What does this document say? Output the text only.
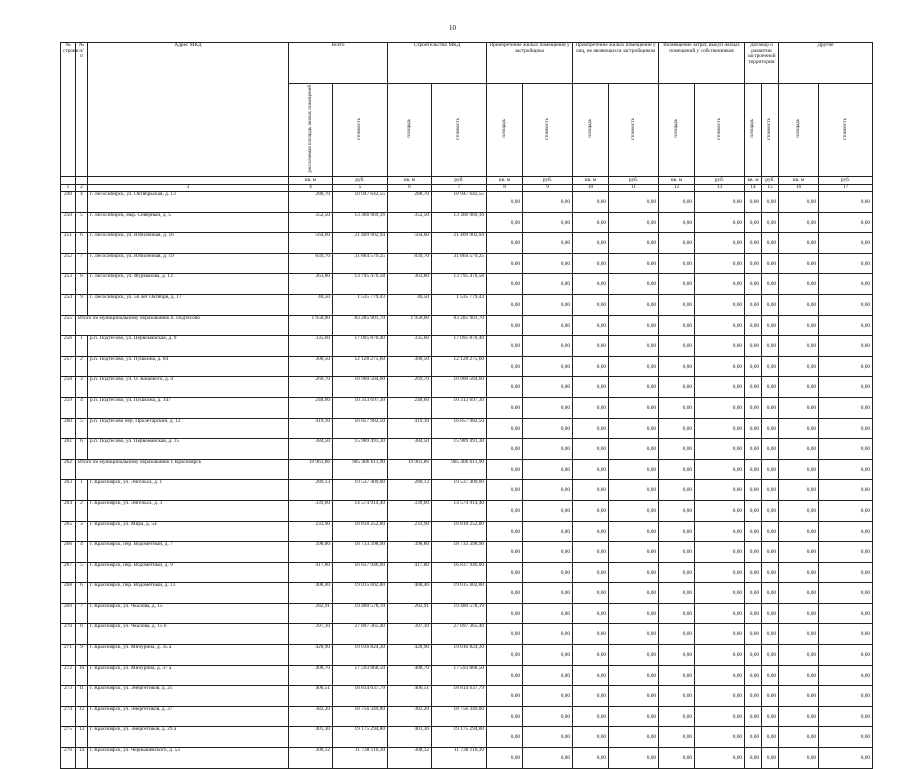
10
№ строки	№ п/п	Адрес МКД	Всего		Строительство МКД		Приобретение жилых помещений у застройщика		Приобретение жилых помещений у лиц, не являющихся застройщиком		Возмещение затрат, выкуп жилых помещений у собственников		Договор о развитии застроенной территории		Другие	
			расселяемая площадь жилых помещений	стоимость	площадь	стоимость	площадь	стоимость	площадь	стоимость	площадь	стоимость	площадь	стоимость	площадь	стоимость
			кв. м	руб.	кв. м	руб.	кв. м	руб.	кв. м	руб.	кв. м	руб.	кв. м	руб.	кв. м	руб.
1	2	3	4	5	6	7	8	9	10	11	12	13	14	15	16	17
249	4	г. Лесосибирск, ул. Октябрьская, д. 13	288,70	10 947 642,55	288,70	10 947 642,55	0,00	0,00	0,00	0,00	0,00	0,00	0,00	0,00	0,00	0,00

250	5	г. Лесосибирск, мкр. Северный, д. 5	352,50	13 366 969,16	352,50	13 366 969,16	0,00	0,00	0,00	0,00	0,00	0,00	0,00	0,00	0,00	0,00

251	6	г. Лесосибирск, ул. Юбилейная, д. 16	564,60	21 409 902,94	564,60	21 409 902,94	0,00	0,00	0,00	0,00	0,00	0,00	0,00	0,00	0,00	0,00

252	7	г. Лесосибирск, ул. Юбилейная, д. 19	839,70	31 864 579,25	839,70	31 864 579,25	0,00	0,00	0,00	0,00	0,00	0,00	0,00	0,00	0,00	0,00

253	8	г. Лесосибирск, ул. Фурманова, д. 13	363,80	13 795 470,58	363,80	13 795 470,58	0,00	0,00	0,00	0,00	0,00	0,00	0,00	0,00	0,00	0,00

254	9	г. Лесосибирск, ул. 50 лет Октября, д. 17	40,50	1 535 779,43	40,50	1 535 779,43	0,00	0,00	0,00	0,00	0,00	0,00	0,00	0,00	0,00	0,00

255	Итого по муниципальному образованию п. Подтесово		1 958,00	83 285 901,70	1 958,00	83 285 901,70	0,00	0,00	0,00	0,00	0,00	0,00	0,00	0,00	0,00	0,00

256	1	р.п. Подтесово, ул. Первомайская, д. 9	335,60	17 095 870,40	335,60	17 095 870,40	0,00	0,00	0,00	0,00	0,00	0,00	0,00	0,00	0,00	0,00

257	2	р.п. Подтесово, ул. Пушкина, д. 84	300,50	12 128 275,60	300,50	12 128 275,60	0,00	0,00	0,00	0,00	0,00	0,00	0,00	0,00	0,00	0,00

258	3	р.п. Подтесово, ул. О. Кошевого, д. 4	269,70	10 900 584,60	269,70	10 900 584,60	0,00	0,00	0,00	0,00	0,00	0,00	0,00	0,00	0,00	0,00

259	4	р.п. Подтесово, ул. Пушкина, д. 147	248,60	10 313 697,30	248,60	10 313 697,30	0,00	0,00	0,00	0,00	0,00	0,00	0,00	0,00	0,00	0,00

260	5	р.п. Подтесово пер. Пролетарский, д. 12	419,10	16 857 982,50	419,10	16 857 982,50	0,00	0,00	0,00	0,00	0,00	0,00	0,00	0,00	0,00	0,00

261	6	р.п. Подтесово, ул. Первомайская, д. 15	384,50	15 989 491,30	384,50	15 989 491,30	0,00	0,00	0,00	0,00	0,00	0,00	0,00	0,00	0,00	0,00

262	Итого по муниципальному образованию г. Красноярск		19 961,86	905 406 611,90	19 961,86	905 406 611,90	0,00	0,00	0,00	0,00	0,00	0,00	0,00	0,00	0,00	0,00

263	1	г. Красноярск, ул. Энгельса, д. 1	280,13	19 537 409,00	280,13	19 537 409,00	0,00	0,00	0,00	0,00	0,00	0,00	0,00	0,00	0,00	0,00

264	2	г. Красноярск, ул. Энгельса, д. 3	339,00	14 574 914,40	339,00	14 574 914,40	0,00	0,00	0,00	0,00	0,00	0,00	0,00	0,00	0,00	0,00

265	3	г. Красноярск, ул. Мира, д. 54	233,90	10 818 252,80	233,90	10 818 252,80	0,00	0,00	0,00	0,00	0,00	0,00	0,00	0,00	0,00	0,00

266	4	г. Красноярск, пер. Водометный, д. 7	398,80	18 733 398,90	398,80	18 733 398,90	0,00	0,00	0,00	0,00	0,00	0,00	0,00	0,00	0,00	0,00

267	5	г. Красноярск, пер. Водометный, д. 9	417,80	16 837 946,00	417,80	16 837 946,00	0,00	0,00	0,00	0,00	0,00	0,00	0,00	0,00	0,00	0,00

268	6	г. Красноярск, пер. Водометный, д. 13	408,40	19 015 002,80	408,40	19 015 002,80	0,00	0,00	0,00	0,00	0,00	0,00	0,00	0,00	0,00	0,00

269	7	г. Красноярск, ул. Чкалова, д. 15	282,91	19 480 578,19	282,91	19 480 578,19	0,00	0,00	0,00	0,00	0,00	0,00	0,00	0,00	0,00	0,00

270	8	г. Красноярск, ул. Чкалова, д. 15 б	397,10	27 897 365,40	397,10	27 897 365,40	0,00	0,00	0,00	0,00	0,00	0,00	0,00	0,00	0,00	0,00

271	9	г. Красноярск, ул. Мичурина, д. 35 а	428,90	19 016 824,30	428,90	19 016 824,30	0,00	0,00	0,00	0,00	0,00	0,00	0,00	0,00	0,00	0,00

272	10	г. Красноярск, ул. Мичурина, д. 37 а	408,70	17 593 868,50	408,70	17 593 868,50	0,00	0,00	0,00	0,00	0,00	0,00	0,00	0,00	0,00	0,00

273	11	г. Красноярск, ул. Энергетиков, д. 25	406,51	18 814 637,79	406,51	18 814 637,79	0,00	0,00	0,00	0,00	0,00	0,00	0,00	0,00	0,00	0,00

274	12	г. Красноярск, ул. Энергетиков, д. 27	382,20	18 756 349,80	382,20	18 756 349,80	0,00	0,00	0,00	0,00	0,00	0,00	0,00	0,00	0,00	0,00

275	13	г. Красноярск, ул. Энергетиков, д. 29 а	401,30	19 175 294,80	401,30	19 175 294,80	0,00	0,00	0,00	0,00	0,00	0,00	0,00	0,00	0,00	0,00

276	14	г. Красноярск, ул. Чернышевского, д. 53	308,12	11 738 110,30	308,12	11 738 110,30	0,00	0,00	0,00	0,00	0,00	0,00	0,00	0,00	0,00	0,00
